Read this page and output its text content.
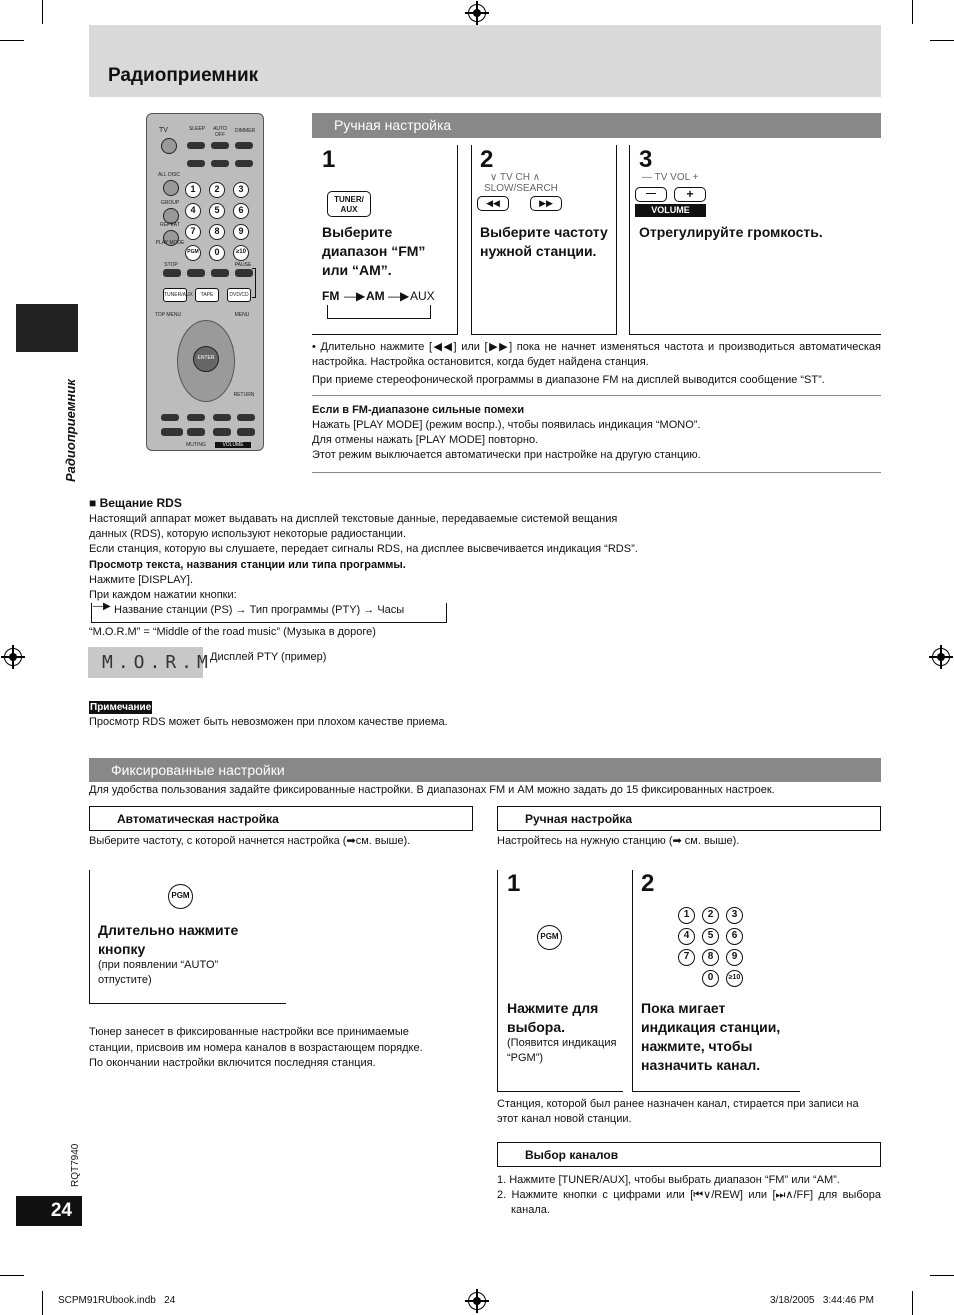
Радиоприемник
Радиоприемник
TV	SLEEP	AUTO OFF
DIMMER
ALL DISC
GROUP
REPEAT
PLAY MODE
1	2	3
4	5	6
7	8	9
PGM	0	≥10
STOP	PAUSE
TUNER/AUX	TAPE	DVD/CD
TOP MENU	MENU
ENTER
RETURN
MUTING	VOLUME
Ручная настройка
1
TUNER/ AUX
Выберите диапазон “FM” или “AM”.
FM —▶ AM —▶ AUX
2
∨ TV CH ∧
SLOW/SEARCH
◀◀	▶▶
Выберите частоту нужной станции.
3
— TV VOL +
—	+
VOLUME
Отрегулируйте громкость.
• Длительно нажмите [◀◀] или [▶▶] пока не начнет изменяться частота и производиться автоматическая настройка. Настройка остановится, когда будет найдена станция.
При приеме стереофонической программы в диапазоне FM на дисплей выводится сообщение “ST”.
Если в FM-диапазоне сильные помехи
Нажать [PLAY MODE] (режим воспр.), чтобы появилась индикация “MONO”.
Для отмены нажать [PLAY MODE] повторно.
Этот режим выключается автоматически при настройке на другую станцию.
■ Вещание RDS
Настоящий аппарат может выдавать на дисплей текстовые данные, передаваемые системой вещания
данных (RDS), которую используют некоторые радиостанции.
Если станция, которую вы слушаете, передает сигналы RDS, на дисплее высвечивается индикация “RDS”.
Просмотр текста, названия станции или типа программы.
Нажмите [DISPLAY].
При каждом нажатии кнопки:
—▶ Название станции (PS) → Тип программы (PTY) → Часы
“M.O.R.M” = “Middle of the road music” (Музыка в дороге)
M.O.R.M
Дисплей PTY (пример)
Примечание
Просмотр RDS может быть невозможен при плохом качестве приема.
Фиксированные настройки
Для удобства пользования задайте фиксированные настройки. В диапазонах FM и AM можно задать до 15 фиксированных настроек.
Автоматическая настройка
Выберите частоту, с которой начнется настройка (➡см. выше).
PGM
Длительно нажмите кнопку
(при появлении “AUTO” отпустите)
Тюнер занесет в фиксированные настройки все принимаемые
станции, присвоив им номера каналов в возрастающем порядке.
По окончании настройки включится последняя станция.
Ручная настройка
Настройтесь на нужную станцию (➡ см. выше).
1
PGM
Нажмите для выбора.
(Появится индикация “PGM”)
2
1	2	3
4	5	6
7	8	9
0	≥10
Пока мигает индикация станции, нажмите, чтобы назначить канал.
Станция, которой был ранее назначен канал, стирается при записи на этот канал новой станции.
Выбор каналов
1. Нажмите [TUNER/AUX], чтобы выбрать диапазон “FM” или “AM”.
2. Нажмите кнопки с цифрами или [⏮∨/REW] или [⏭∧/FF] для выбора канала.
RQT7940
24
SCPM91RUbook.indb   24	3/18/2005   3:44:46 PM
